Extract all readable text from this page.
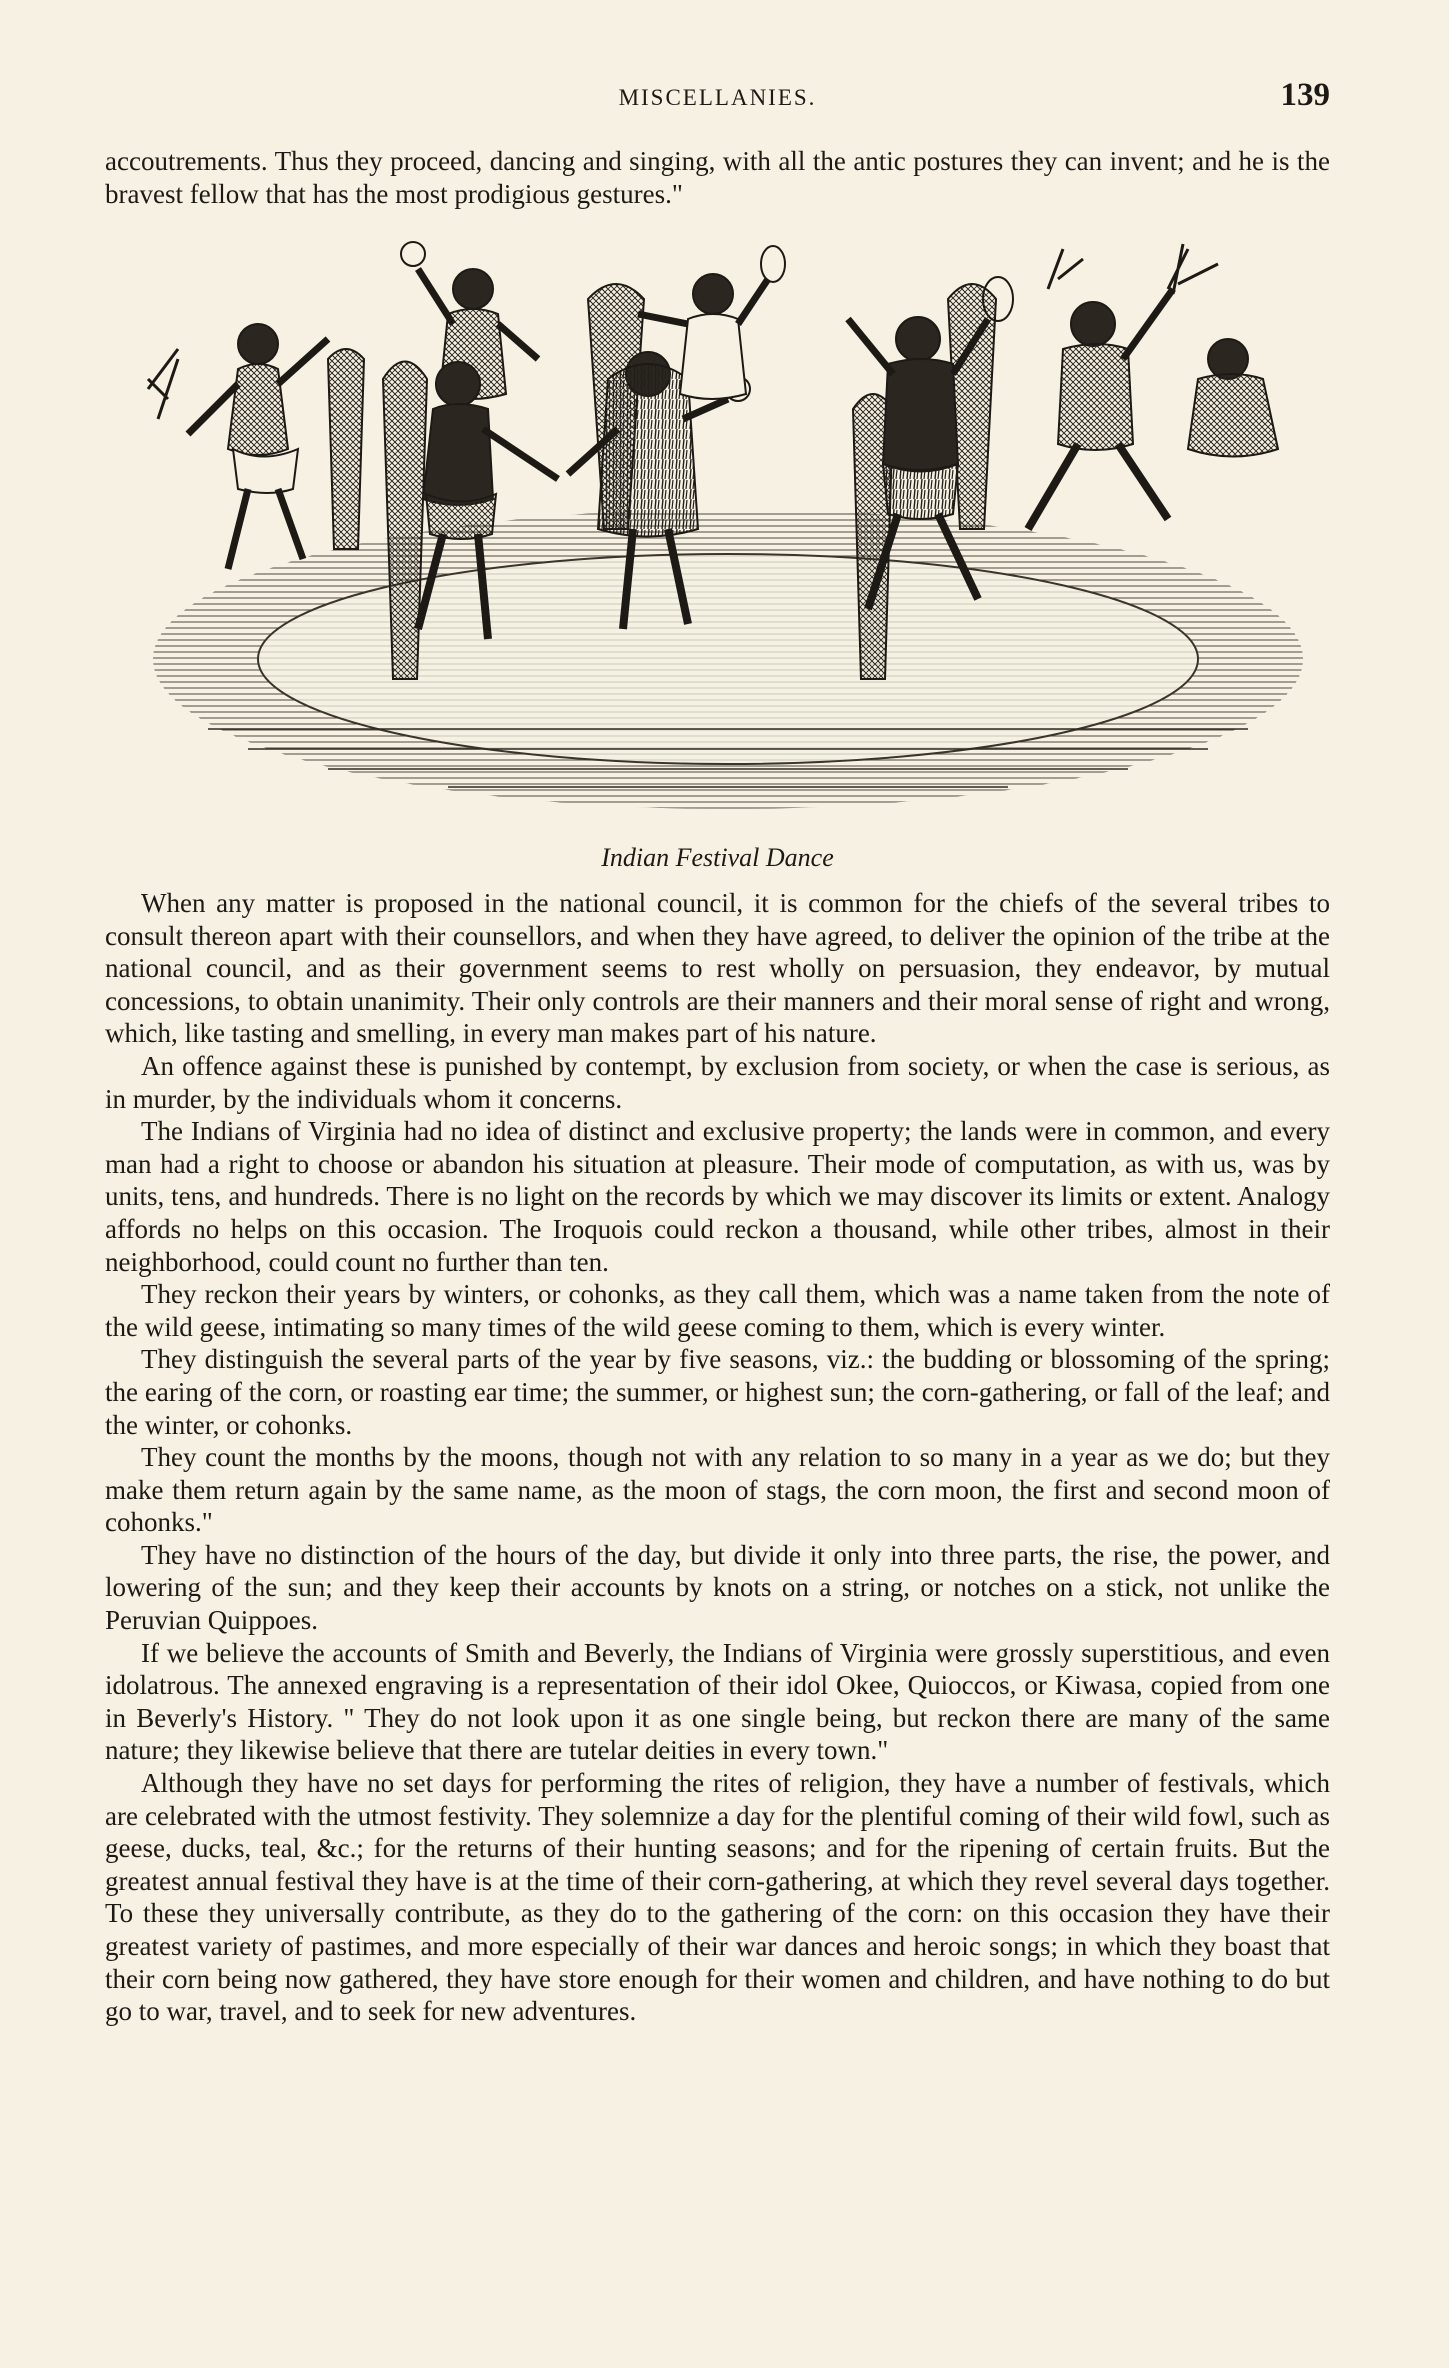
MISCELLANIES.	139

accoutrements. Thus they proceed, dancing and singing, with all the antic postures they can invent; and he is the bravest fellow that has the most prodigious gestures."

Indian Festival Dance

When any matter is proposed in the national council, it is common for the chiefs of the several tribes to consult thereon apart with their counsellors, and when they have agreed, to deliver the opinion of the tribe at the national council, and as their government seems to rest wholly on persuasion, they endeavor, by mutual concessions, to obtain unanimity. Their only controls are their manners and their moral sense of right and wrong, which, like tasting and smelling, in every man makes part of his nature.

An offence against these is punished by contempt, by exclusion from society, or when the case is serious, as in murder, by the individuals whom it concerns.

The Indians of Virginia had no idea of distinct and exclusive property; the lands were in common, and every man had a right to choose or abandon his situation at pleasure. Their mode of computation, as with us, was by units, tens, and hundreds. There is no light on the records by which we may discover its limits or extent. Analogy affords no helps on this occasion. The Iroquois could reckon a thousand, while other tribes, almost in their neighborhood, could count no further than ten.

They reckon their years by winters, or cohonks, as they call them, which was a name taken from the note of the wild geese, intimating so many times of the wild geese coming to them, which is every winter.

They distinguish the several parts of the year by five seasons, viz.: the budding or blossoming of the spring; the earing of the corn, or roasting ear time; the summer, or highest sun; the corn-gathering, or fall of the leaf; and the winter, or cohonks.

They count the months by the moons, though not with any relation to so many in a year as we do; but they make them return again by the same name, as the moon of stags, the corn moon, the first and second moon of cohonks."

They have no distinction of the hours of the day, but divide it only into three parts, the rise, the power, and lowering of the sun; and they keep their accounts by knots on a string, or notches on a stick, not unlike the Peruvian Quippoes.

If we believe the accounts of Smith and Beverly, the Indians of Virginia were grossly superstitious, and even idolatrous. The annexed engraving is a representation of their idol Okee, Quioccos, or Kiwasa, copied from one in Beverly's History. " They do not look upon it as one single being, but reckon there are many of the same nature; they likewise believe that there are tutelar deities in every town."

Although they have no set days for performing the rites of religion, they have a number of festivals, which are celebrated with the utmost festivity. They solemnize a day for the plentiful coming of their wild fowl, such as geese, ducks, teal, &c.; for the returns of their hunting seasons; and for the ripening of certain fruits. But the greatest annual festival they have is at the time of their corn-gathering, at which they revel several days together. To these they universally contribute, as they do to the gathering of the corn: on this occasion they have their greatest variety of pastimes, and more especially of their war dances and heroic songs; in which they boast that their corn being now gathered, they have store enough for their women and children, and have nothing to do but go to war, travel, and to seek for new adventures.
